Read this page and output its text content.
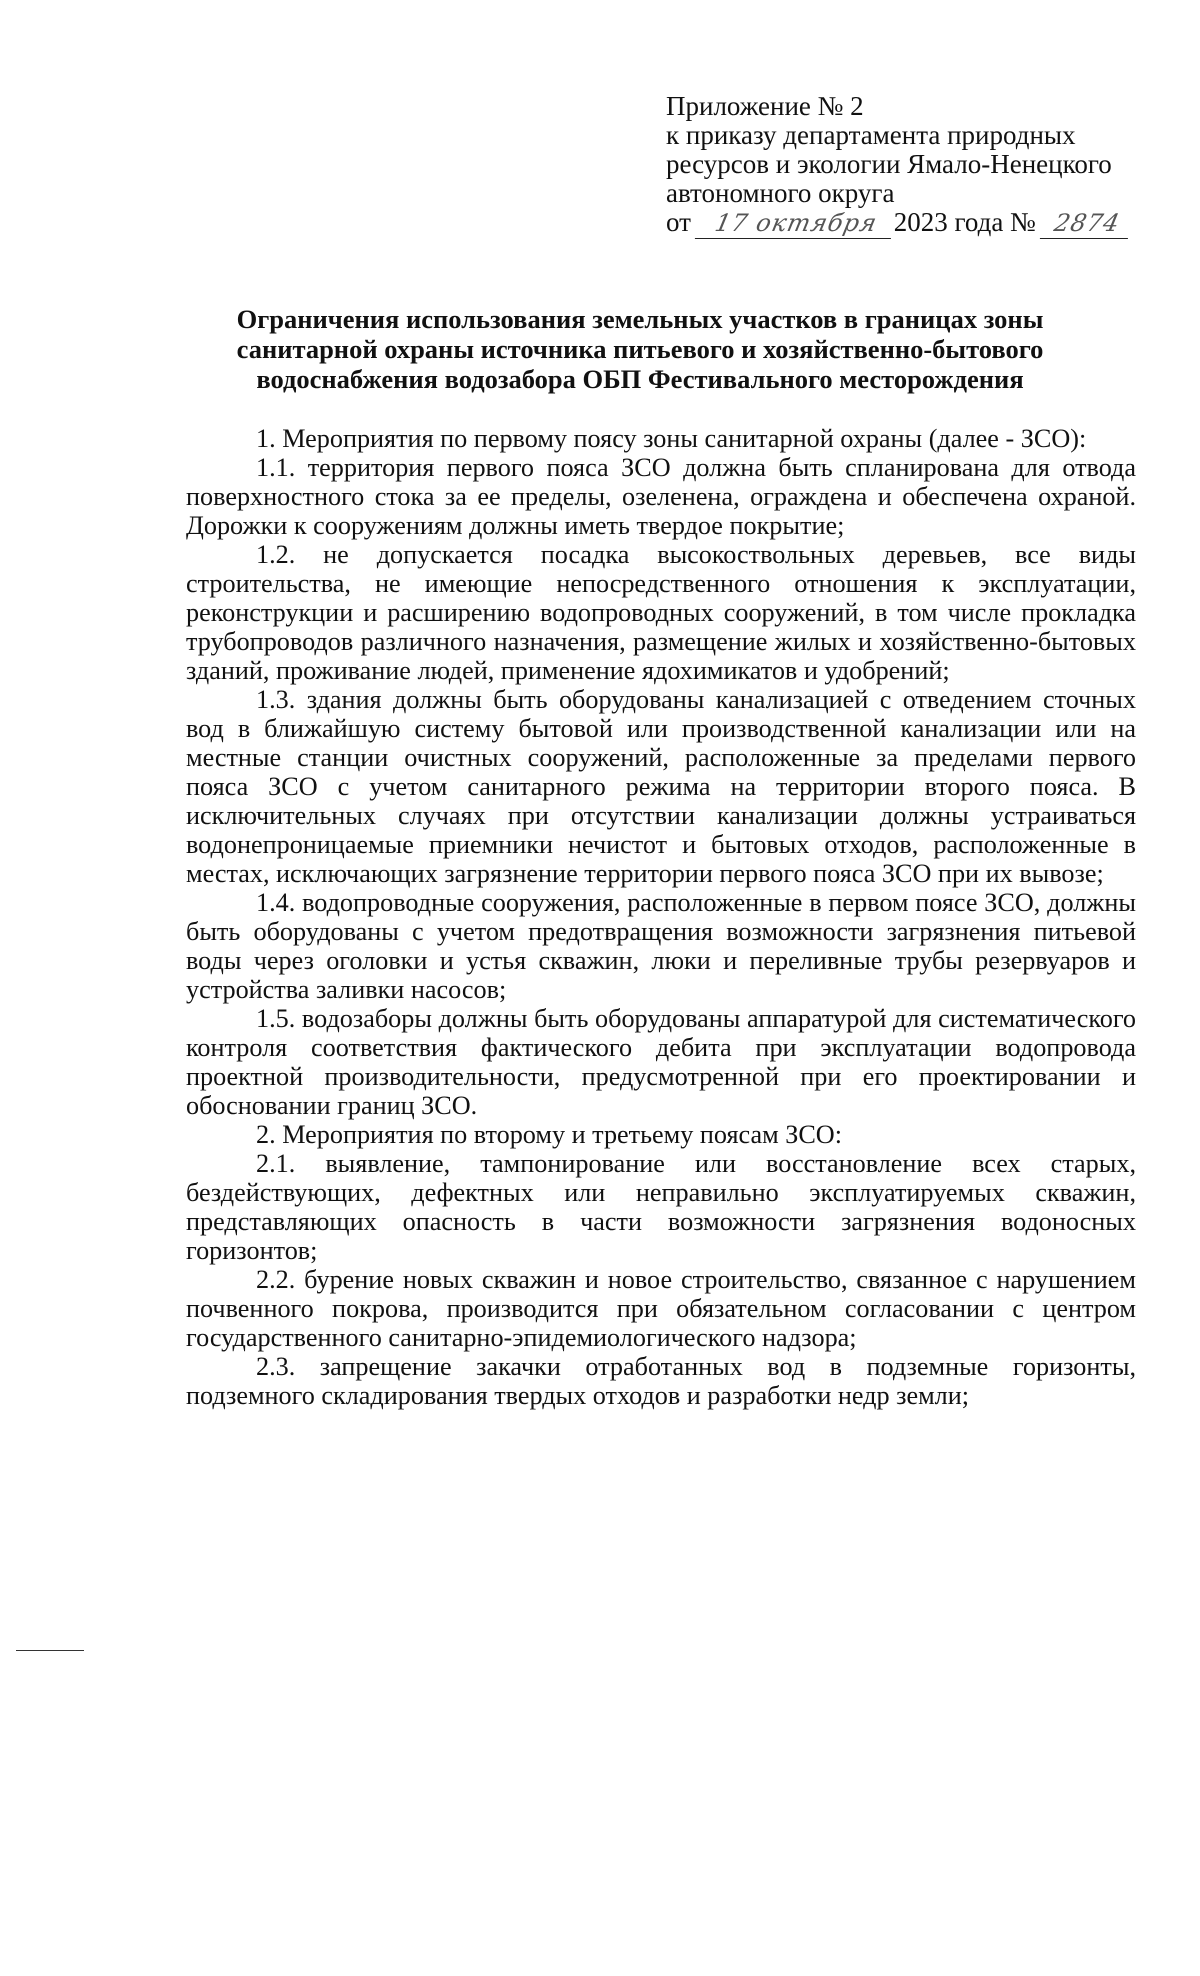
Приложение № 2
к приказу департамента природных
ресурсов и экологии Ямало-Ненецкого
автономного округа
от 17 октября 2023 года № 2874
Ограничения использования земельных участков в границах зоны
санитарной охраны источника питьевого и хозяйственно-бытового
водоснабжения водозабора ОБП Фестивального месторождения

1. Мероприятия по первому поясу зоны санитарной охраны (далее - ЗСО):

1.1. территория первого пояса ЗСО должна быть спланирована для отвода поверхностного стока за ее пределы, озеленена, ограждена и обеспечена охраной. Дорожки к сооружениям должны иметь твердое покрытие;

1.2. не допускается посадка высокоствольных деревьев, все виды строительства, не имеющие непосредственного отношения к эксплуатации, реконструкции и расширению водопроводных сооружений, в том числе прокладка трубопроводов различного назначения, размещение жилых и хозяйственно-бытовых зданий, проживание людей, применение ядохимикатов и удобрений;

1.3. здания должны быть оборудованы канализацией с отведением сточных вод в ближайшую систему бытовой или производственной канализации или на местные станции очистных сооружений, расположенные за пределами первого пояса ЗСО с учетом санитарного режима на территории второго пояса. В исключительных случаях при отсутствии канализации должны устраиваться водонепроницаемые приемники нечистот и бытовых отходов, расположенные в местах, исключающих загрязнение территории первого пояса ЗСО при их вывозе;

1.4. водопроводные сооружения, расположенные в первом поясе ЗСО, должны быть оборудованы с учетом предотвращения возможности загрязнения питьевой воды через оголовки и устья скважин, люки и переливные трубы резервуаров и устройства заливки насосов;

1.5. водозаборы должны быть оборудованы аппаратурой для систематического контроля соответствия фактического дебита при эксплуатации водопровода проектной производительности, предусмотренной при его проектировании и обосновании границ ЗСО.

2. Мероприятия по второму и третьему поясам ЗСО:

2.1. выявление, тампонирование или восстановление всех старых, бездействующих, дефектных или неправильно эксплуатируемых скважин, представляющих опасность в части возможности загрязнения водоносных горизонтов;

2.2. бурение новых скважин и новое строительство, связанное с нарушением почвенного покрова, производится при обязательном согласовании с центром государственного санитарно-эпидемиологического надзора;

2.3. запрещение закачки отработанных вод в подземные горизонты, подземного складирования твердых отходов и разработки недр земли;
